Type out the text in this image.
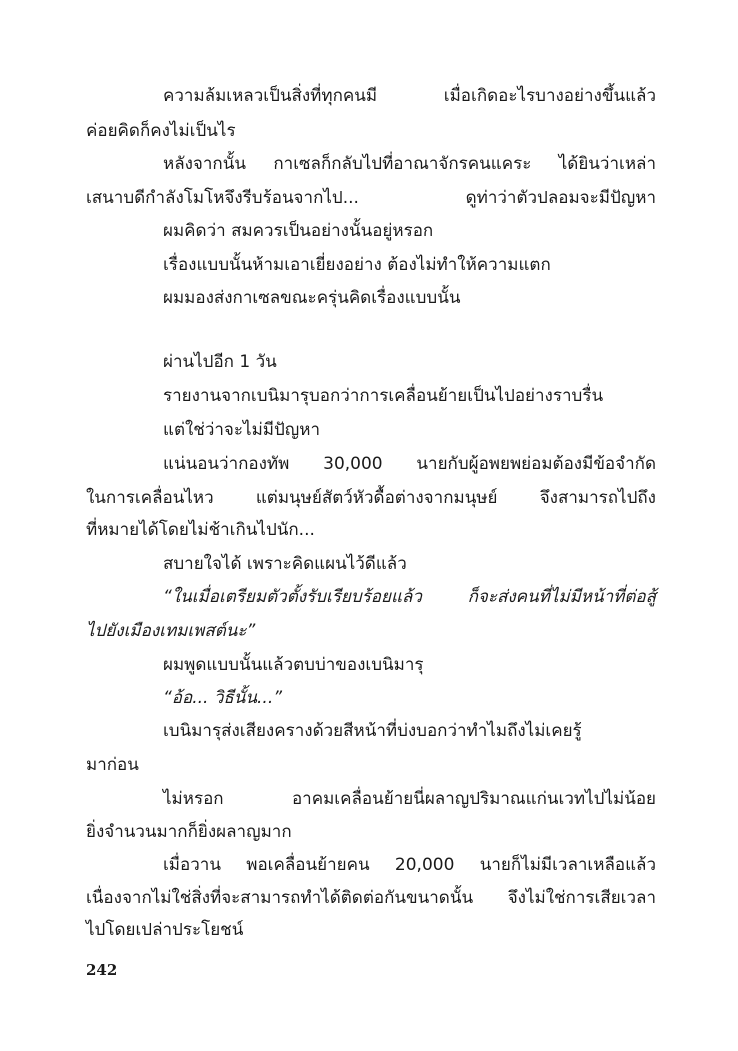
ความล้มเหลวเป็นสิ่งที่ทุกคนมี เมื่อเกิดอะไรบางอย่างขึ้นแล้ว
ค่อยคิดก็คงไม่เป็นไร
หลังจากนั้น กาเซลก็กลับไปที่อาณาจักรคนแคระ ได้ยินว่าเหล่า
เสนาบดีกำลังโมโหจึงรีบร้อนจากไป... ดูท่าว่าตัวปลอมจะมีปัญหา
ผมคิดว่า สมควรเป็นอย่างนั้นอยู่หรอก
เรื่องแบบนั้นห้ามเอาเยี่ยงอย่าง ต้องไม่ทำให้ความแตก
ผมมองส่งกาเซลขณะครุ่นคิดเรื่องแบบนั้น
ผ่านไปอีก 1 วัน
รายงานจากเบนิมารุบอกว่าการเคลื่อนย้ายเป็นไปอย่างราบรื่น
แต่ใช่ว่าจะไม่มีปัญหา
แน่นอนว่ากองทัพ 30,000 นายกับผู้อพยพย่อมต้องมีข้อจำกัด
ในการเคลื่อนไหว แต่มนุษย์สัตว์หัวดื้อต่างจากมนุษย์ จึงสามารถไปถึง
ที่หมายได้โดยไม่ช้าเกินไปนัก...
สบายใจได้ เพราะคิดแผนไว้ดีแล้ว
“ในเมื่อเตรียมตัวตั้งรับเรียบร้อยแล้ว ก็จะส่งคนที่ไม่มีหน้าที่ต่อสู้
ไปยังเมืองเทมเพสต์นะ”
ผมพูดแบบนั้นแล้วตบบ่าของเบนิมารุ
“อ้อ... วิธีนั้น...”
เบนิมารุส่งเสียงครางด้วยสีหน้าที่บ่งบอกว่าทำไมถึงไม่เคยรู้
มาก่อน
ไม่หรอก อาคมเคลื่อนย้ายนี่ผลาญปริมาณแก่นเวทไปไม่น้อย
ยิ่งจำนวนมากก็ยิ่งผลาญมาก
เมื่อวาน พอเคลื่อนย้ายคน 20,000 นายก็ไม่มีเวลาเหลือแล้ว
เนื่องจากไม่ใช่สิ่งที่จะสามารถทำได้ติดต่อกันขนาดนั้น จึงไม่ใช่การเสียเวลา
ไปโดยเปล่าประโยชน์
242
